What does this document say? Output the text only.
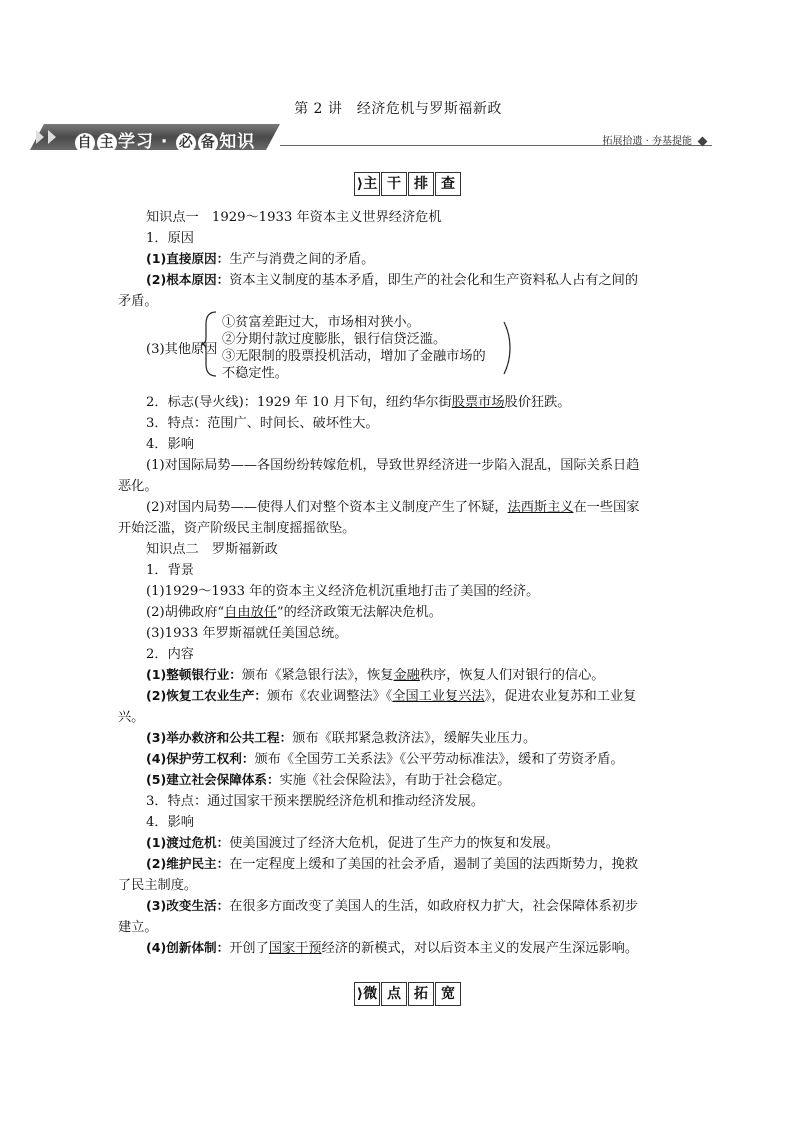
自 主 学习 · 必 备 知识	拓展拾遗 · 夯基提能
第 2 讲　经济危机与罗斯福新政
⟩ 主 干 排 查
知识点一　1929～1933 年资本主义世界经济危机
1．原因
(1)直接原因：生产与消费之间的矛盾。
(2)根本原因：资本主义制度的基本矛盾，即生产的社会化和生产资料私人占有之间的
矛盾。
(3)其他原因
①贫富差距过大，市场相对狭小。
②分期付款过度膨胀，银行信贷泛滥。
③无限制的股票投机活动，增加了金融市场的
不稳定性。
2．标志(导火线)：1929 年 10 月下旬，纽约华尔街股票市场股价狂跌。
3．特点：范围广、时间长、破坏性大。
4．影响
(1)对国际局势——各国纷纷转嫁危机，导致世界经济进一步陷入混乱，国际关系日趋
恶化。
(2)对国内局势——使得人们对整个资本主义制度产生了怀疑，法西斯主义在一些国家
开始泛滥，资产阶级民主制度摇摇欲坠。
知识点二　罗斯福新政
1．背景
(1)1929～1933 年的资本主义经济危机沉重地打击了美国的经济。
(2)胡佛政府“自由放任”的经济政策无法解决危机。
(3)1933 年罗斯福就任美国总统。
2．内容
(1)整顿银行业：颁布《紧急银行法》，恢复金融秩序，恢复人们对银行的信心。
(2)恢复工农业生产：颁布《农业调整法》《全国工业复兴法》，促进农业复苏和工业复
兴。
(3)举办救济和公共工程：颁布《联邦紧急救济法》，缓解失业压力。
(4)保护劳工权利：颁布《全国劳工关系法》《公平劳动标准法》，缓和了劳资矛盾。
(5)建立社会保障体系：实施《社会保险法》，有助于社会稳定。
3．特点：通过国家干预来摆脱经济危机和推动经济发展。
4．影响
(1)渡过危机：使美国渡过了经济大危机，促进了生产力的恢复和发展。
(2)维护民主：在一定程度上缓和了美国的社会矛盾，遏制了美国的法西斯势力，挽救
了民主制度。
(3)改变生活：在很多方面改变了美国人的生活，如政府权力扩大，社会保障体系初步
建立。
(4)创新体制：开创了国家干预经济的新模式，对以后资本主义的发展产生深远影响。
⟩ 微 点 拓 宽
